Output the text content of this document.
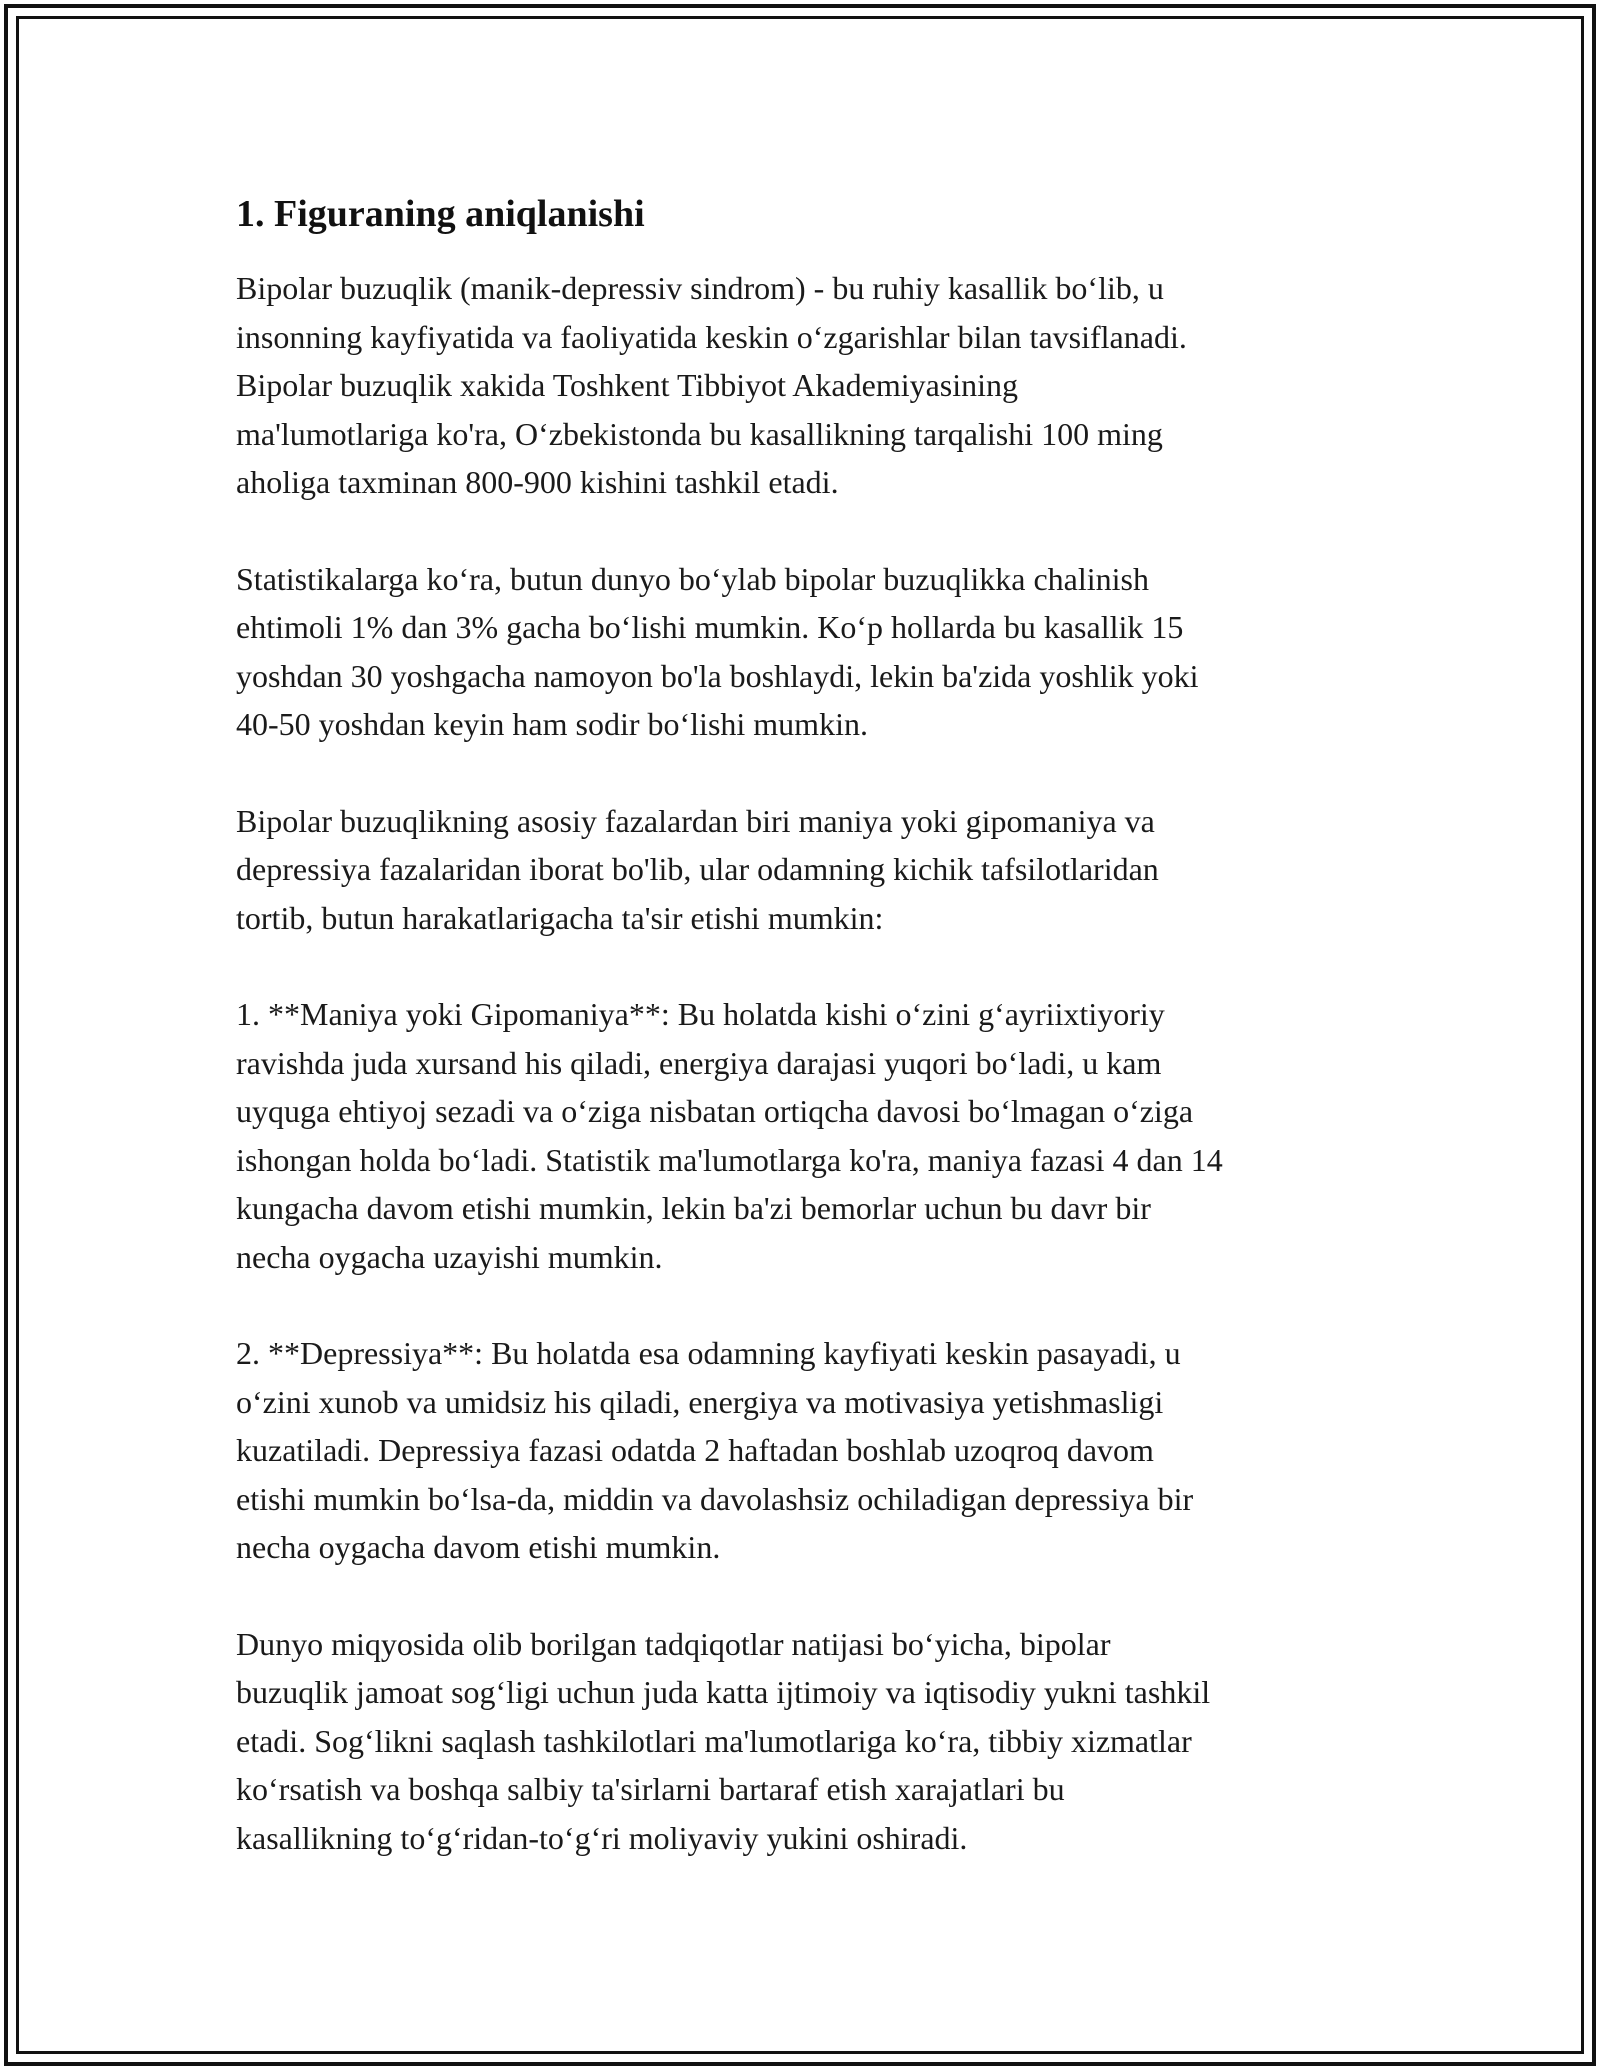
1. Figuraning aniqlanishi

Bipolar buzuqlik (manik-depressiv sindrom) - bu ruhiy kasallik bo‘lib, u
insonning kayfiyatida va faoliyatida keskin o‘zgarishlar bilan tavsiflanadi.
Bipolar buzuqlik xakida Toshkent Tibbiyot Akademiyasining
ma'lumotlariga ko'ra, O‘zbekistonda bu kasallikning tarqalishi 100 ming
aholiga taxminan 800-900 kishini tashkil etadi.

Statistikalarga ko‘ra, butun dunyo bo‘ylab bipolar buzuqlikka chalinish
ehtimoli 1% dan 3% gacha bo‘lishi mumkin. Ko‘p hollarda bu kasallik 15
yoshdan 30 yoshgacha namoyon bo'la boshlaydi, lekin ba'zida yoshlik yoki
40-50 yoshdan keyin ham sodir bo‘lishi mumkin.

Bipolar buzuqlikning asosiy fazalardan biri maniya yoki gipomaniya va
depressiya fazalaridan iborat bo'lib, ular odamning kichik tafsilotlaridan
tortib, butun harakatlarigacha ta'sir etishi mumkin:

1. **Maniya yoki Gipomaniya**: Bu holatda kishi o‘zini g‘ayriixtiyoriy
ravishda juda xursand his qiladi, energiya darajasi yuqori bo‘ladi, u kam
uyquga ehtiyoj sezadi va o‘ziga nisbatan ortiqcha davosi bo‘lmagan o‘ziga
ishongan holda bo‘ladi. Statistik ma'lumotlarga ko'ra, maniya fazasi 4 dan 14
kungacha davom etishi mumkin, lekin ba'zi bemorlar uchun bu davr bir
necha oygacha uzayishi mumkin.

2. **Depressiya**: Bu holatda esa odamning kayfiyati keskin pasayadi, u
o‘zini xunob va umidsiz his qiladi, energiya va motivasiya yetishmasligi
kuzatiladi. Depressiya fazasi odatda 2 haftadan boshlab uzoqroq davom
etishi mumkin bo‘lsa-da, middin va davolashsiz ochiladigan depressiya bir
necha oygacha davom etishi mumkin.

Dunyo miqyosida olib borilgan tadqiqotlar natijasi bo‘yicha, bipolar
buzuqlik jamoat sog‘ligi uchun juda katta ijtimoiy va iqtisodiy yukni tashkil
etadi. Sog‘likni saqlash tashkilotlari ma'lumotlariga ko‘ra, tibbiy xizmatlar
ko‘rsatish va boshqa salbiy ta'sirlarni bartaraf etish xarajatlari bu
kasallikning to‘g‘ridan-to‘g‘ri moliyaviy yukini oshiradi.
